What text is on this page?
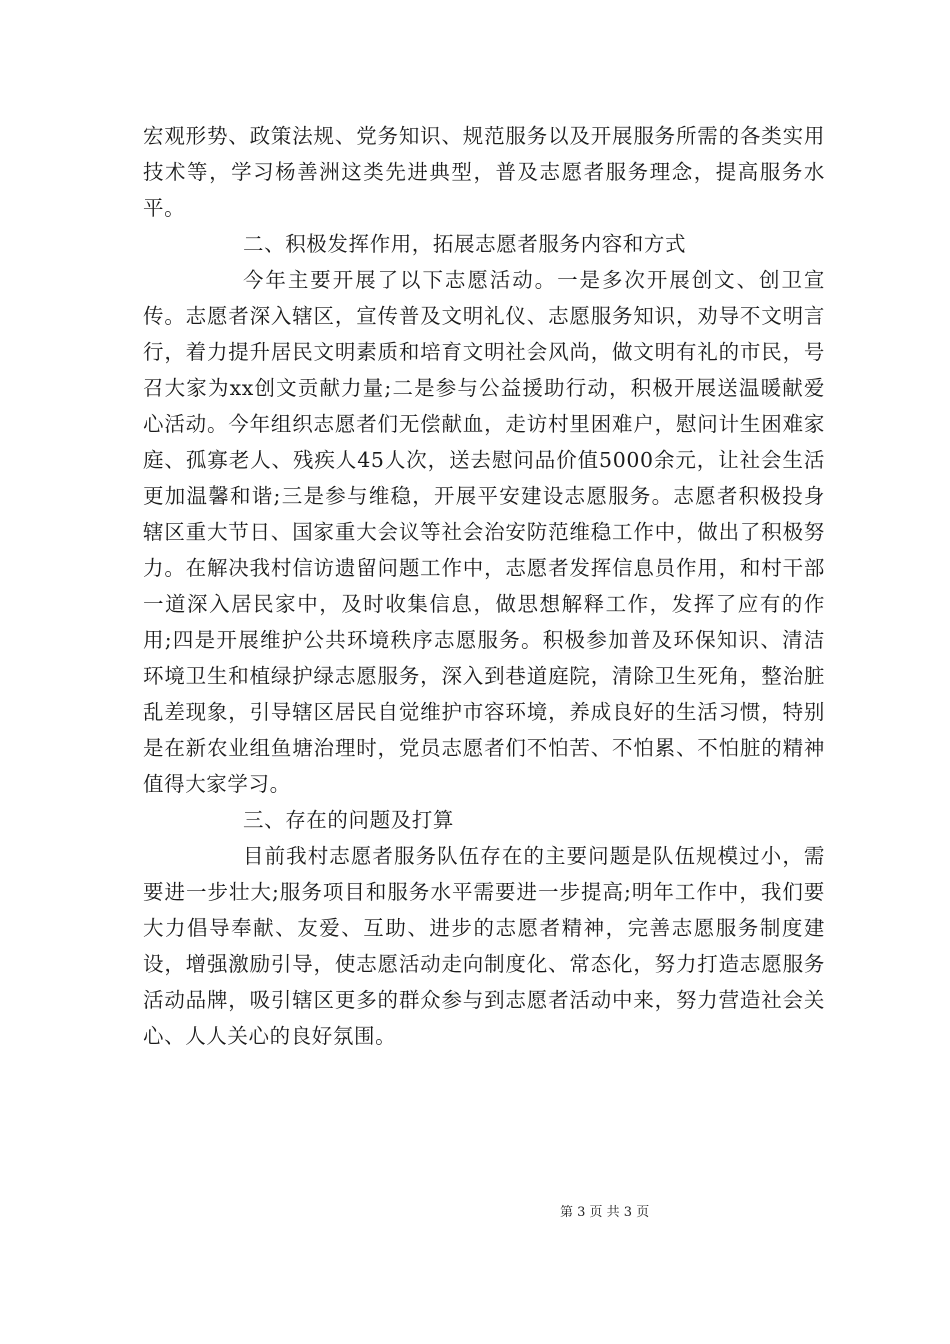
宏观形势、政策法规、党务知识、规范服务以及开展服务所需的各类实用技术等，学习杨善洲这类先进典型，普及志愿者服务理念，提高服务水平。

二、积极发挥作用，拓展志愿者服务内容和方式

今年主要开展了以下志愿活动。一是多次开展创文、创卫宣传。志愿者深入辖区，宣传普及文明礼仪、志愿服务知识，劝导不文明言行，着力提升居民文明素质和培育文明社会风尚，做文明有礼的市民，号召大家为xx创文贡献力量;二是参与公益援助行动，积极开展送温暖献爱心活动。今年组织志愿者们无偿献血，走访村里困难户，慰问计生困难家庭、孤寡老人、残疾人45人次，送去慰问品价值5000余元，让社会生活更加温馨和谐;三是参与维稳，开展平安建设志愿服务。志愿者积极投身辖区重大节日、国家重大会议等社会治安防范维稳工作中，做出了积极努力。在解决我村信访遗留问题工作中，志愿者发挥信息员作用，和村干部一道深入居民家中，及时收集信息，做思想解释工作，发挥了应有的作用;四是开展维护公共环境秩序志愿服务。积极参加普及环保知识、清洁环境卫生和植绿护绿志愿服务，深入到巷道庭院，清除卫生死角，整治脏乱差现象，引导辖区居民自觉维护市容环境，养成良好的生活习惯，特别是在新农业组鱼塘治理时，党员志愿者们不怕苦、不怕累、不怕脏的精神值得大家学习。

三、存在的问题及打算

目前我村志愿者服务队伍存在的主要问题是队伍规模过小，需要进一步壮大;服务项目和服务水平需要进一步提高;明年工作中，我们要大力倡导奉献、友爱、互助、进步的志愿者精神，完善志愿服务制度建设，增强激励引导，使志愿活动走向制度化、常态化，努力打造志愿服务活动品牌，吸引辖区更多的群众参与到志愿者活动中来，努力营造社会关心、人人关心的良好氛围。

第 3 页 共 3 页
